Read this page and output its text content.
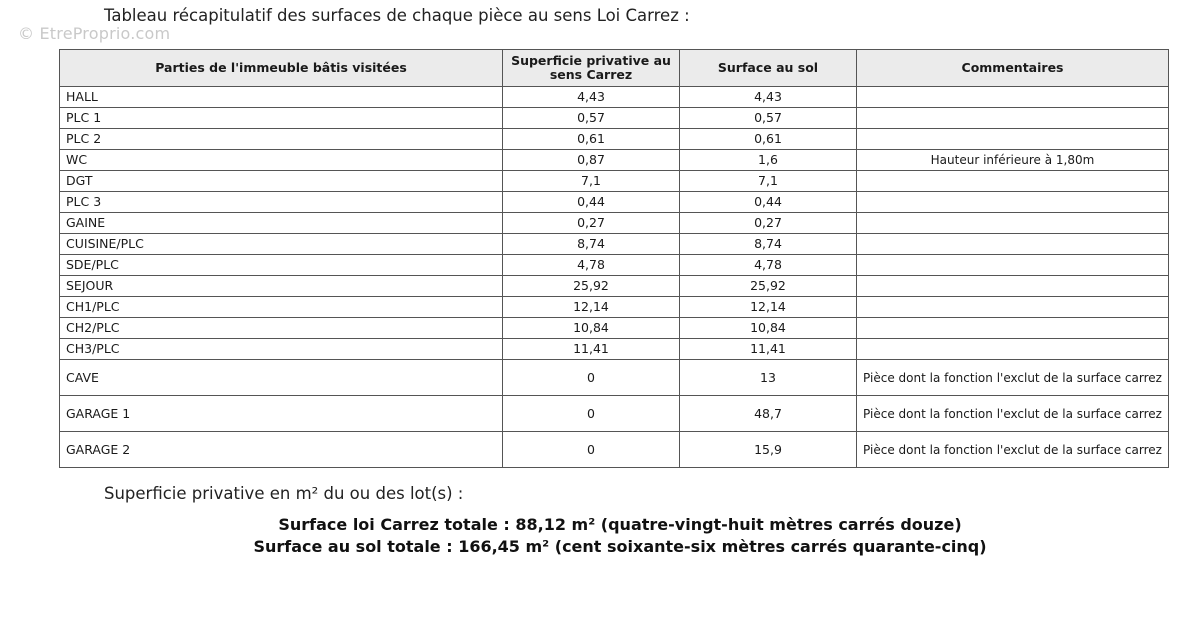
© EtreProprio.com
Tableau récapitulatif des surfaces de chaque pièce au sens Loi Carrez :
Parties de l'immeuble bâtis visitées	Superficie privative au sens Carrez	Surface au sol	Commentaires
HALL	4,43	4,43	
PLC 1	0,57	0,57	
PLC 2	0,61	0,61	
WC	0,87	1,6	Hauteur inférieure à 1,80m
DGT	7,1	7,1	
PLC 3	0,44	0,44	
GAINE	0,27	0,27	
CUISINE/PLC	8,74	8,74	
SDE/PLC	4,78	4,78	
SEJOUR	25,92	25,92	
CH1/PLC	12,14	12,14	
CH2/PLC	10,84	10,84	
CH3/PLC	11,41	11,41	
CAVE	0	13	Pièce dont la fonction l'exclut de la surface carrez
GARAGE 1	0	48,7	Pièce dont la fonction l'exclut de la surface carrez
GARAGE 2	0	15,9	Pièce dont la fonction l'exclut de la surface carrez
Superficie privative en m² du ou des lot(s) :
Surface loi Carrez totale : 88,12 m² (quatre-vingt-huit mètres carrés douze)
Surface au sol totale : 166,45 m² (cent soixante-six mètres carrés quarante-cinq)
